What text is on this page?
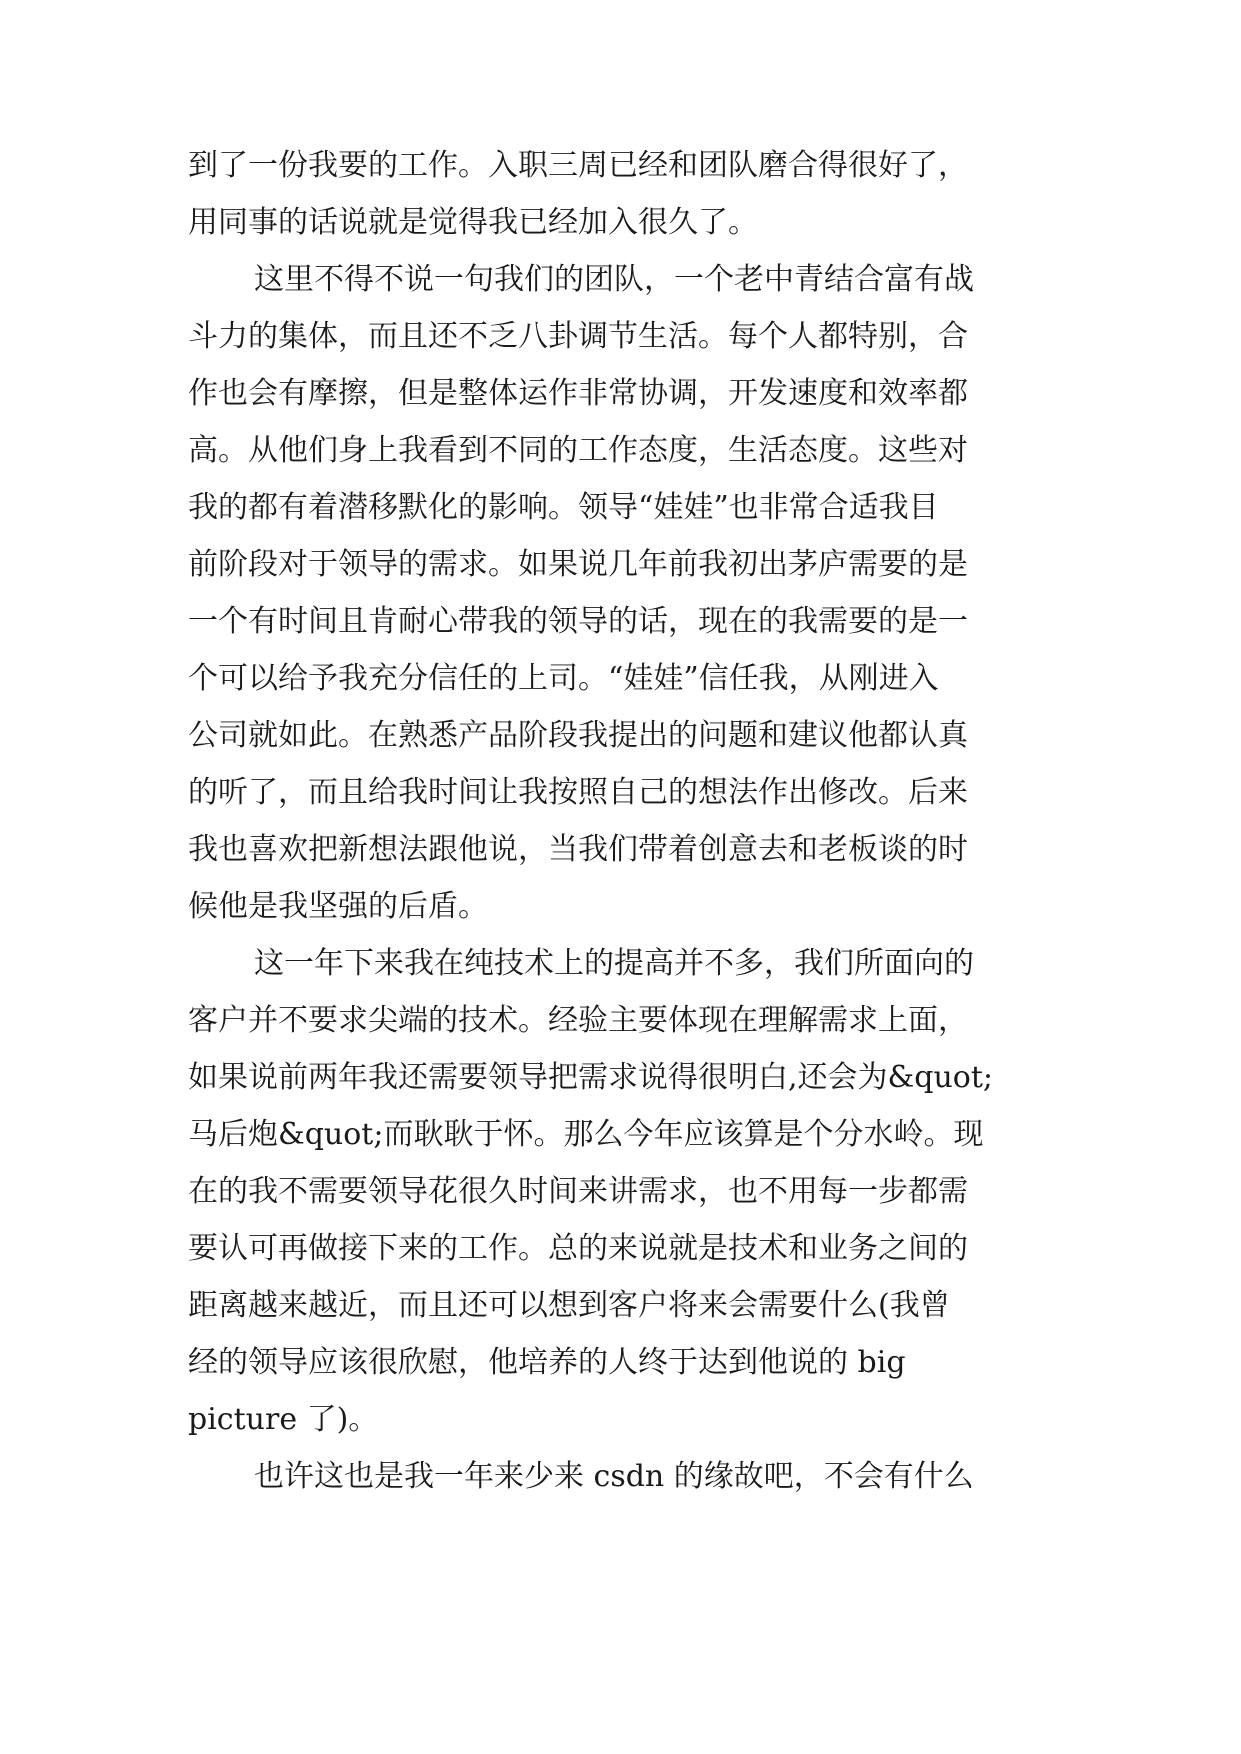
到了一份我要的工作。入职三周已经和团队磨合得很好了，
用同事的话说就是觉得我已经加入很久了。
这里不得不说一句我们的团队，一个老中青结合富有战
斗力的集体，而且还不乏八卦调节生活。每个人都特别，合
作也会有摩擦，但是整体运作非常协调，开发速度和效率都
高。从他们身上我看到不同的工作态度，生活态度。这些对
我的都有着潜移默化的影响。领导“娃娃”也非常合适我目
前阶段对于领导的需求。如果说几年前我初出茅庐需要的是
一个有时间且肯耐心带我的领导的话，现在的我需要的是一
个可以给予我充分信任的上司。“娃娃”信任我，从刚进入
公司就如此。在熟悉产品阶段我提出的问题和建议他都认真
的听了，而且给我时间让我按照自己的想法作出修改。后来
我也喜欢把新想法跟他说，当我们带着创意去和老板谈的时
候他是我坚强的后盾。
这一年下来我在纯技术上的提高并不多，我们所面向的
客户并不要求尖端的技术。经验主要体现在理解需求上面，
如果说前两年我还需要领导把需求说得很明白,还会为&quot;
马后炮&quot;而耿耿于怀。那么今年应该算是个分水岭。现
在的我不需要领导花很久时间来讲需求，也不用每一步都需
要认可再做接下来的工作。总的来说就是技术和业务之间的
距离越来越近，而且还可以想到客户将来会需要什么(我曾
经的领导应该很欣慰，他培养的人终于达到他说的 big
picture 了)。
也许这也是我一年来少来 csdn 的缘故吧，不会有什么
